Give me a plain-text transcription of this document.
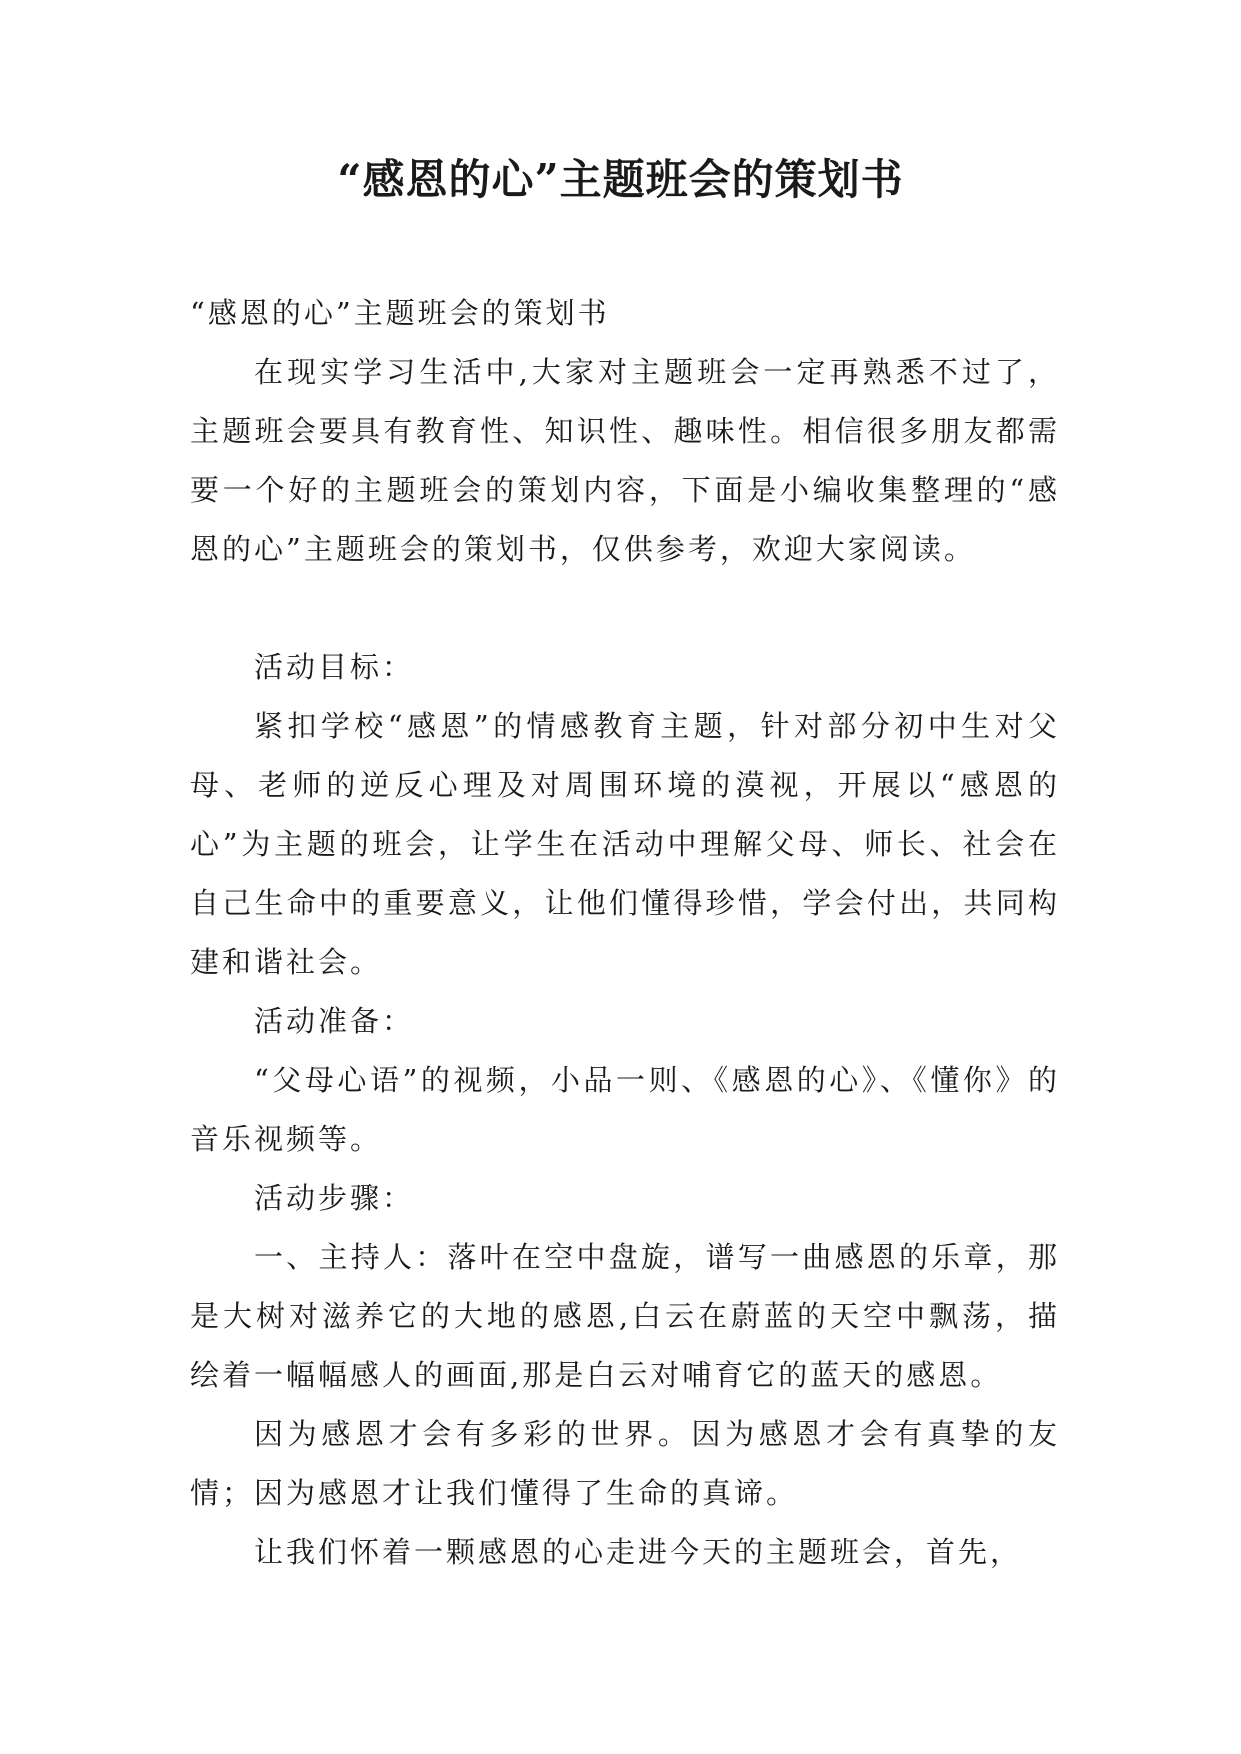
“感恩的心”主题班会的策划书

“感恩的心”主题班会的策划书

在现实学习生活中,大家对主题班会一定再熟悉不过了，主题班会要具有教育性、知识性、趣味性。相信很多朋友都需要一个好的主题班会的策划内容，下面是小编收集整理的“感恩的心”主题班会的策划书，仅供参考，欢迎大家阅读。

活动目标：

紧扣学校“感恩”的情感教育主题，针对部分初中生对父母、老师的逆反心理及对周围环境的漠视，开展以“感恩的心”为主题的班会，让学生在活动中理解父母、师长、社会在自己生命中的重要意义，让他们懂得珍惜，学会付出，共同构建和谐社会。

活动准备：

“父母心语”的视频，小品一则、《感恩的心》、《懂你》的音乐视频等。

活动步骤：

一、主持人：落叶在空中盘旋，谱写一曲感恩的乐章，那是大树对滋养它的大地的感恩,白云在蔚蓝的天空中飘荡，描绘着一幅幅感人的画面,那是白云对哺育它的蓝天的感恩。

因为感恩才会有多彩的世界。因为感恩才会有真挚的友情；因为感恩才让我们懂得了生命的真谛。

让我们怀着一颗感恩的心走进今天的主题班会，首先，
